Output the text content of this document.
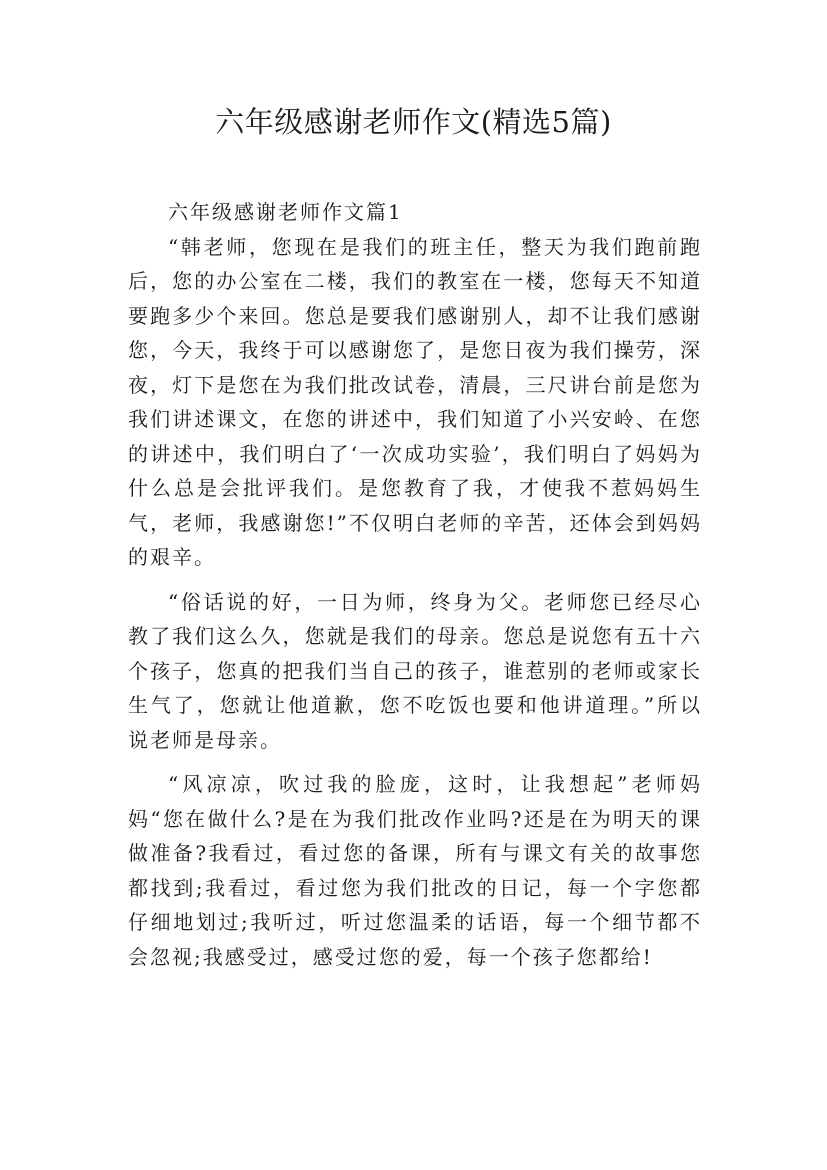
六年级感谢老师作文(精选5篇)

六年级感谢老师作文篇1

“韩老师，您现在是我们的班主任，整天为我们跑前跑后，您的办公室在二楼，我们的教室在一楼，您每天不知道要跑多少个来回。您总是要我们感谢别人，却不让我们感谢您，今天，我终于可以感谢您了，是您日夜为我们操劳，深夜，灯下是您在为我们批改试卷，清晨，三尺讲台前是您为我们讲述课文，在您的讲述中，我们知道了小兴安岭、在您的讲述中，我们明白了‘一次成功实验’，我们明白了妈妈为什么总是会批评我们。是您教育了我，才使我不惹妈妈生气，老师，我感谢您!”不仅明白老师的辛苦，还体会到妈妈的艰辛。

“俗话说的好，一日为师，终身为父。老师您已经尽心教了我们这么久，您就是我们的母亲。您总是说您有五十六个孩子，您真的把我们当自己的孩子，谁惹别的老师或家长生气了，您就让他道歉，您不吃饭也要和他讲道理。”所以说老师是母亲。

“风凉凉，吹过我的脸庞，这时，让我想起”老师妈妈“您在做什么?是在为我们批改作业吗?还是在为明天的课做准备?我看过，看过您的备课，所有与课文有关的故事您都找到;我看过，看过您为我们批改的日记，每一个字您都仔细地划过;我听过，听过您温柔的话语，每一个细节都不会忽视;我感受过，感受过您的爱，每一个孩子您都给!
